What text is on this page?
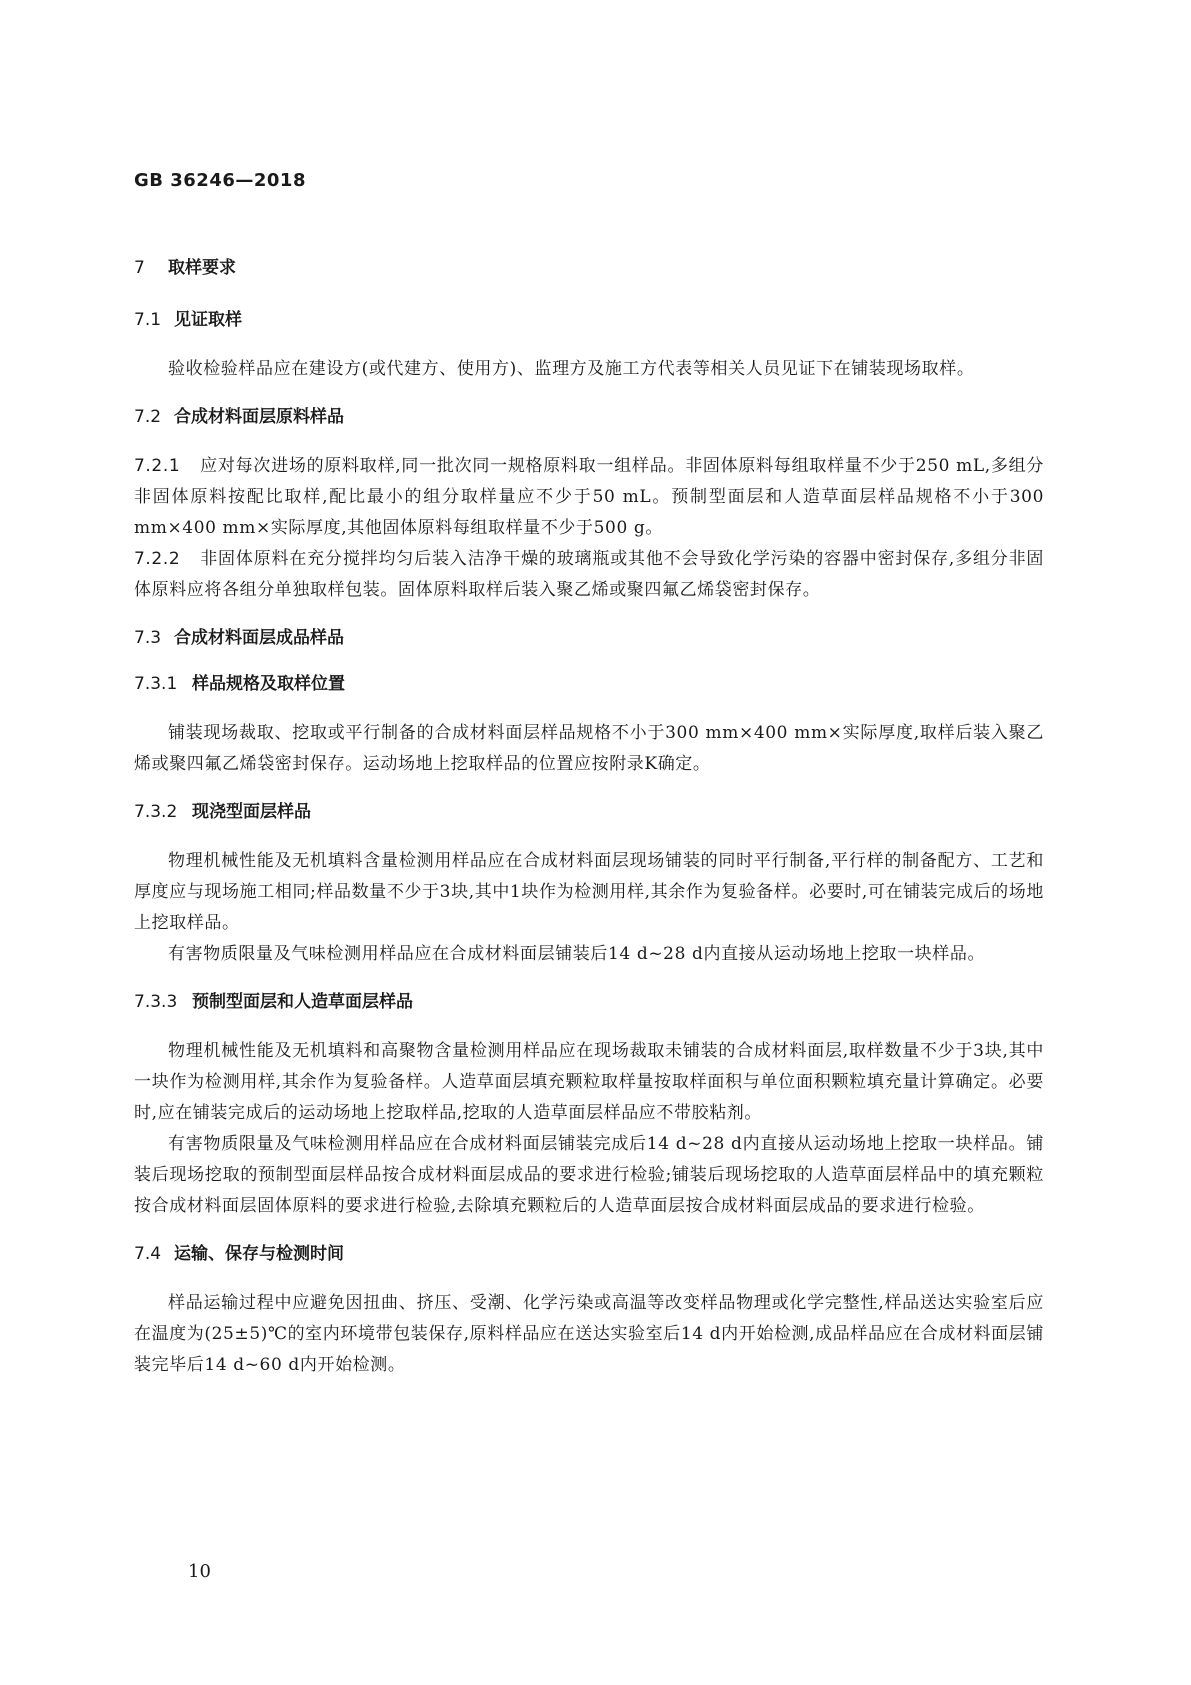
GB 36246—2018

7 取样要求

7.1 见证取样

验收检验样品应在建设方(或代建方、使用方)、监理方及施工方代表等相关人员见证下在铺装现场取样。

7.2 合成材料面层原料样品

7.2.1 应对每次进场的原料取样,同一批次同一规格原料取一组样品。非固体原料每组取样量不少于250 mL,多组分非固体原料按配比取样,配比最小的组分取样量应不少于50 mL。预制型面层和人造草面层样品规格不小于300 mm×400 mm×实际厚度,其他固体原料每组取样量不少于500 g。

7.2.2 非固体原料在充分搅拌均匀后装入洁净干燥的玻璃瓶或其他不会导致化学污染的容器中密封保存,多组分非固体原料应将各组分单独取样包装。固体原料取样后装入聚乙烯或聚四氟乙烯袋密封保存。

7.3 合成材料面层成品样品

7.3.1 样品规格及取样位置

铺装现场裁取、挖取或平行制备的合成材料面层样品规格不小于300 mm×400 mm×实际厚度,取样后装入聚乙烯或聚四氟乙烯袋密封保存。运动场地上挖取样品的位置应按附录K确定。

7.3.2 现浇型面层样品

物理机械性能及无机填料含量检测用样品应在合成材料面层现场铺装的同时平行制备,平行样的制备配方、工艺和厚度应与现场施工相同;样品数量不少于3块,其中1块作为检测用样,其余作为复验备样。必要时,可在铺装完成后的场地上挖取样品。

有害物质限量及气味检测用样品应在合成材料面层铺装后14 d~28 d内直接从运动场地上挖取一块样品。

7.3.3 预制型面层和人造草面层样品

物理机械性能及无机填料和高聚物含量检测用样品应在现场裁取未铺装的合成材料面层,取样数量不少于3块,其中一块作为检测用样,其余作为复验备样。人造草面层填充颗粒取样量按取样面积与单位面积颗粒填充量计算确定。必要时,应在铺装完成后的运动场地上挖取样品,挖取的人造草面层样品应不带胶粘剂。

有害物质限量及气味检测用样品应在合成材料面层铺装完成后14 d~28 d内直接从运动场地上挖取一块样品。铺装后现场挖取的预制型面层样品按合成材料面层成品的要求进行检验;铺装后现场挖取的人造草面层样品中的填充颗粒按合成材料面层固体原料的要求进行检验,去除填充颗粒后的人造草面层按合成材料面层成品的要求进行检验。

7.4 运输、保存与检测时间

样品运输过程中应避免因扭曲、挤压、受潮、化学污染或高温等改变样品物理或化学完整性,样品送达实验室后应在温度为(25±5)℃的室内环境带包装保存,原料样品应在送达实验室后14 d内开始检测,成品样品应在合成材料面层铺装完毕后14 d~60 d内开始检测。

10
